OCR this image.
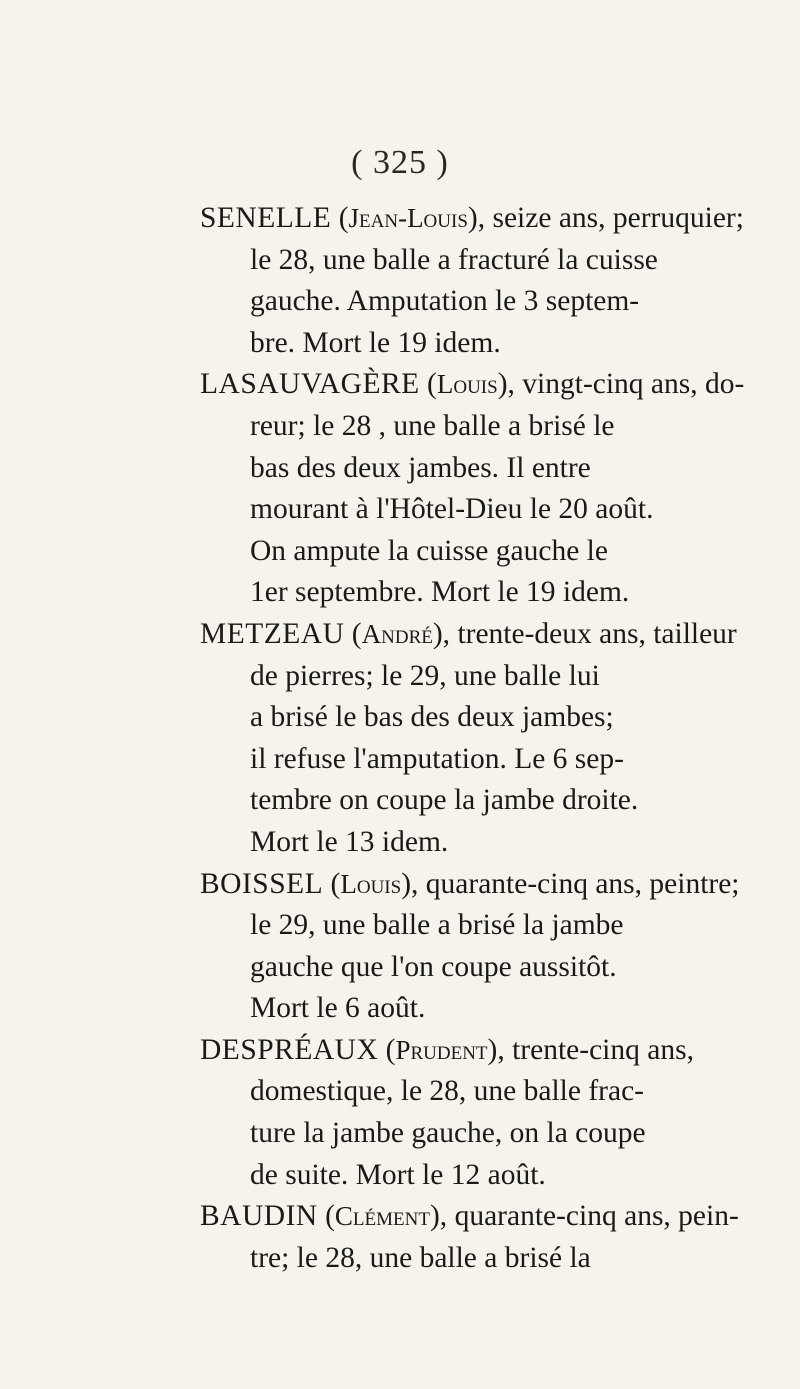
( 325 )

SENELLE (Jean-Louis), seize ans, perruquier;
le 28, une balle a fracturé la cuisse
gauche. Amputation le 3 septem-
bre. Mort le 19 idem.

LASAUVAGÈRE (Louis), vingt-cinq ans, do-
reur; le 28 , une balle a brisé le
bas des deux jambes. Il entre
mourant à l'Hôtel-Dieu le 20 août.
On ampute la cuisse gauche le
1er septembre. Mort le 19 idem.

METZEAU (André), trente-deux ans, tailleur
de pierres; le 29, une balle lui
a brisé le bas des deux jambes;
il refuse l'amputation. Le 6 sep-
tembre on coupe la jambe droite.
Mort le 13 idem.

BOISSEL (Louis), quarante-cinq ans, peintre;
le 29, une balle a brisé la jambe
gauche que l'on coupe aussitôt.
Mort le 6 août.

DESPRÉAUX (Prudent), trente-cinq ans,
domestique, le 28, une balle frac-
ture la jambe gauche, on la coupe
de suite. Mort le 12 août.

BAUDIN (Clément), quarante-cinq ans, pein-
tre; le 28, une balle a brisé la
